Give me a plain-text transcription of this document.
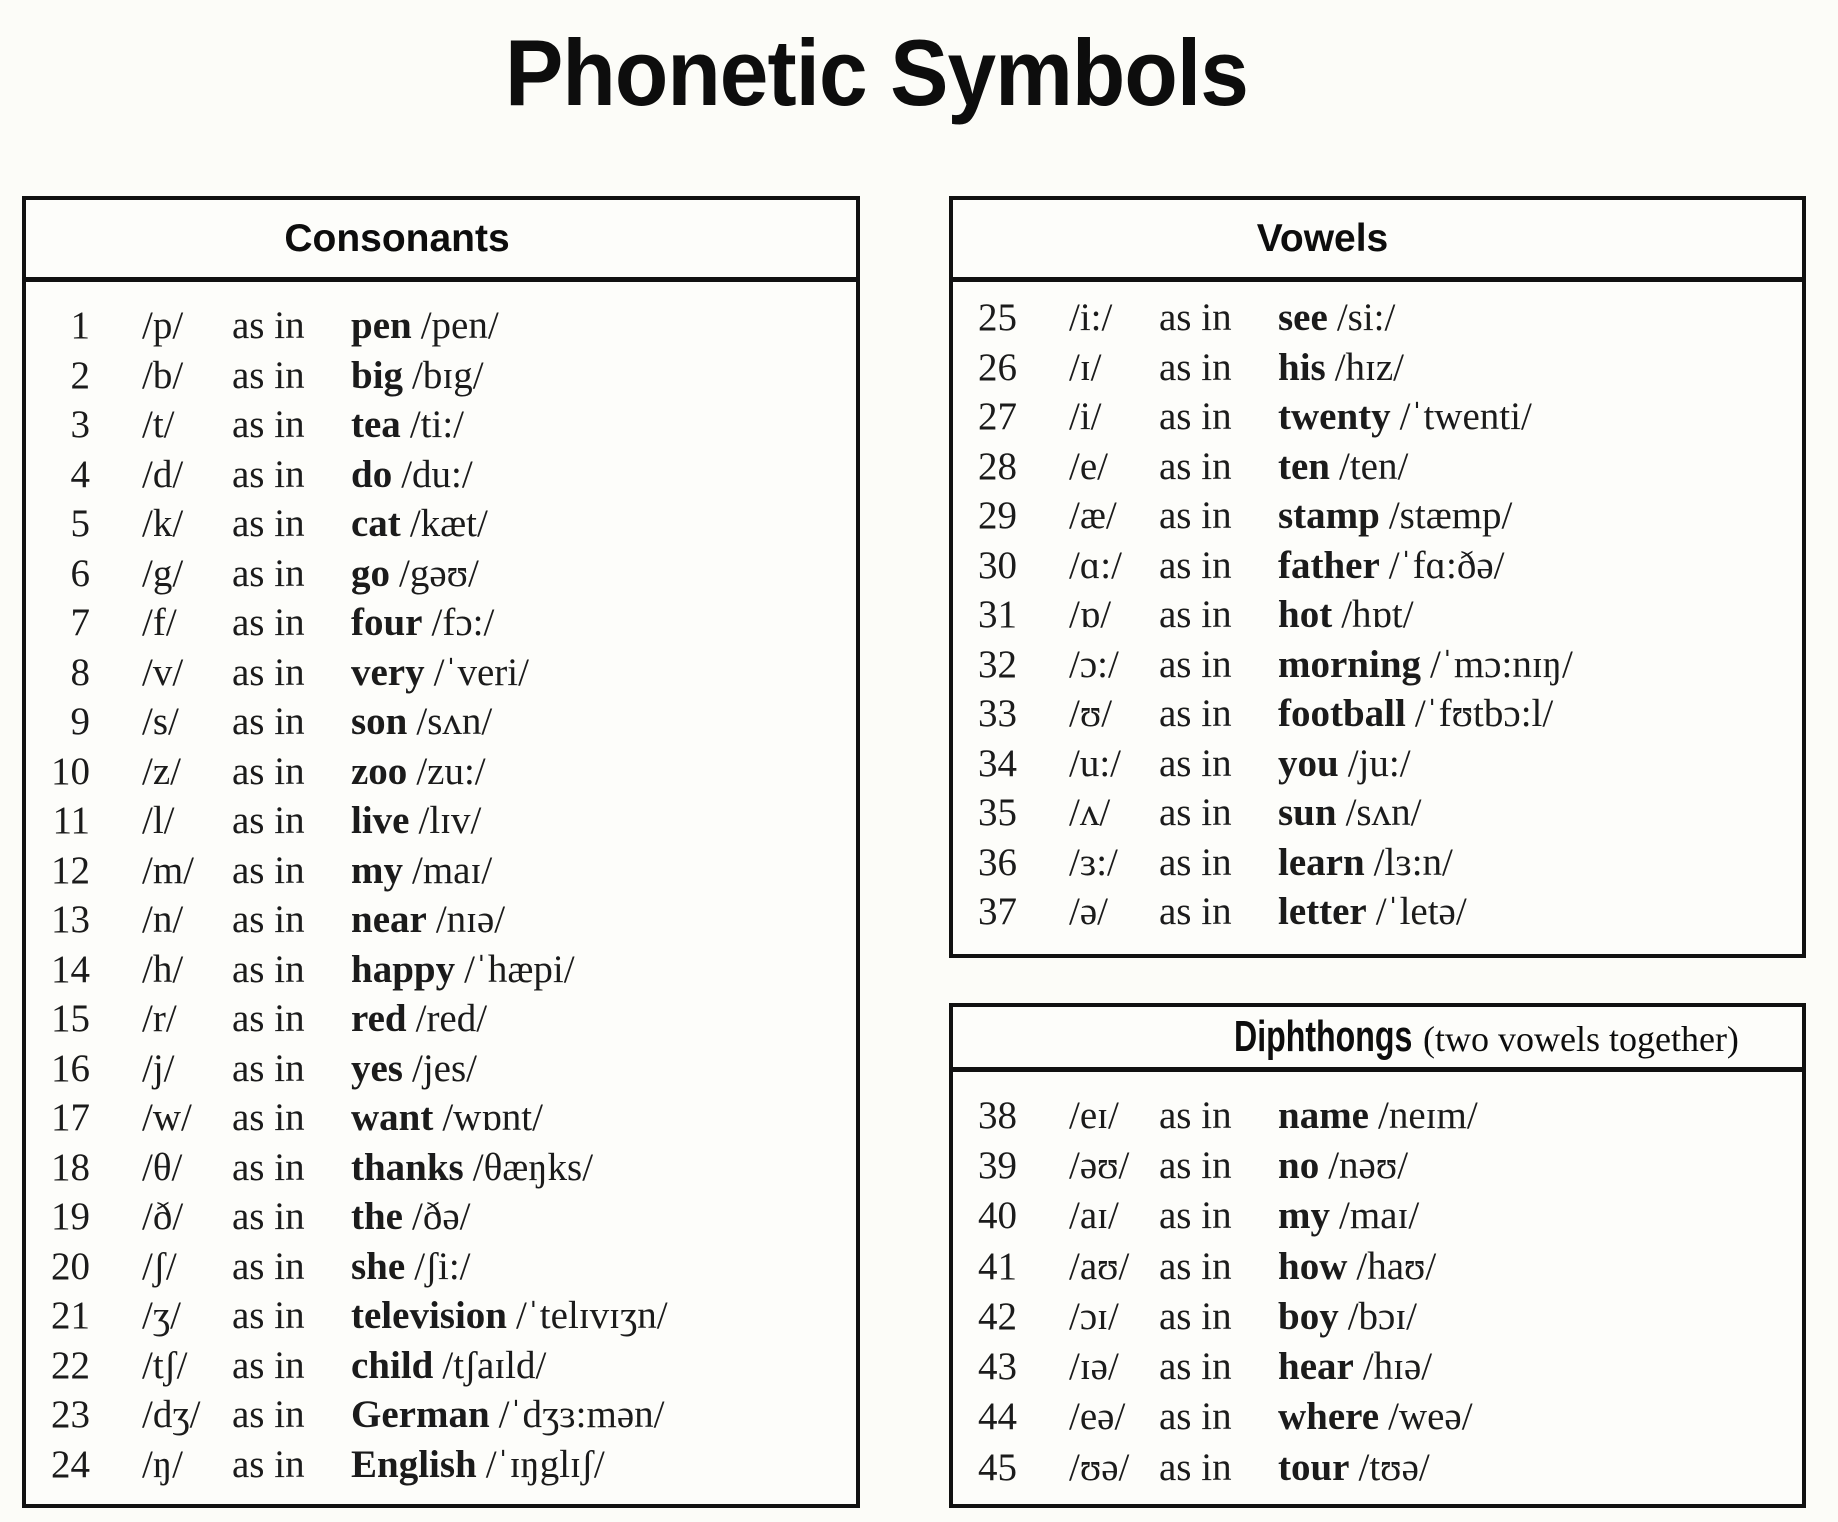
Phonetic Symbols
Consonants
1	/p/	as in	pen /pen/
2	/b/	as in	big /bɪg/
3	/t/	as in	tea /ti:/
4	/d/	as in	do /du:/
5	/k/	as in	cat /kæt/
6	/g/	as in	go /gəʊ/
7	/f/	as in	four /fɔ:/
8	/v/	as in	very /ˈveri/
9	/s/	as in	son /sʌn/
10	/z/	as in	zoo /zu:/
11	/l/	as in	live /lɪv/
12	/m/ as in	my /maɪ/
13	/n/	as in	near /nɪə/
14	/h/	as in	happy /ˈhæpi/
15	/r/	as in	red /red/
16	/j/	as in	yes /jes/
17	/w/	as in	want /wɒnt/
18	/θ/	as in	thanks /θæŋks/
19	/ð/	as in	the /ðə/
20	/ʃ/	as in	she /ʃi:/
21	/ʒ/	as in	television /ˈtelɪvɪʒn/
22	/tʃ/	as in	child /tʃaɪld/
23	/dʒ/ as in	German /ˈdʒɜ:mən/
24	/ŋ/	as in	English /ˈɪŋglɪʃ/
Vowels
25	/i:/	as in	see /si:/
26	/ɪ/	as in	his /hɪz/
27	/i/	as in	twenty /ˈtwenti/
28	/e/	as in	ten /ten/
29	/æ/	as in	stamp /stæmp/
30	/ɑ:/ as in	father /ˈfɑ:ðə/
31	/ɒ/	as in	hot /hɒt/
32	/ɔ:/	as in	morning /ˈmɔ:nɪŋ/
33	/ʊ/	as in	football /ˈfʊtbɔ:l/
34	/u:/ as in	you /ju:/
35	/ʌ/	as in	sun /sʌn/
36	/ɜ:/	as in	learn /lɜ:n/
37	/ə/	as in	letter /ˈletə/
Diphthongs (two vowels together)
38	/eɪ/	as in	name /neɪm/
39	/əʊ/ as in	no /nəʊ/
40	/aɪ/	as in	my /maɪ/
41	/aʊ/ as in	how /haʊ/
42	/ɔɪ/	as in	boy /bɔɪ/
43	/ɪə/	as in	hear /hɪə/
44	/eə/ as in	where /weə/
45	/ʊə/ as in	tour /tʊə/
